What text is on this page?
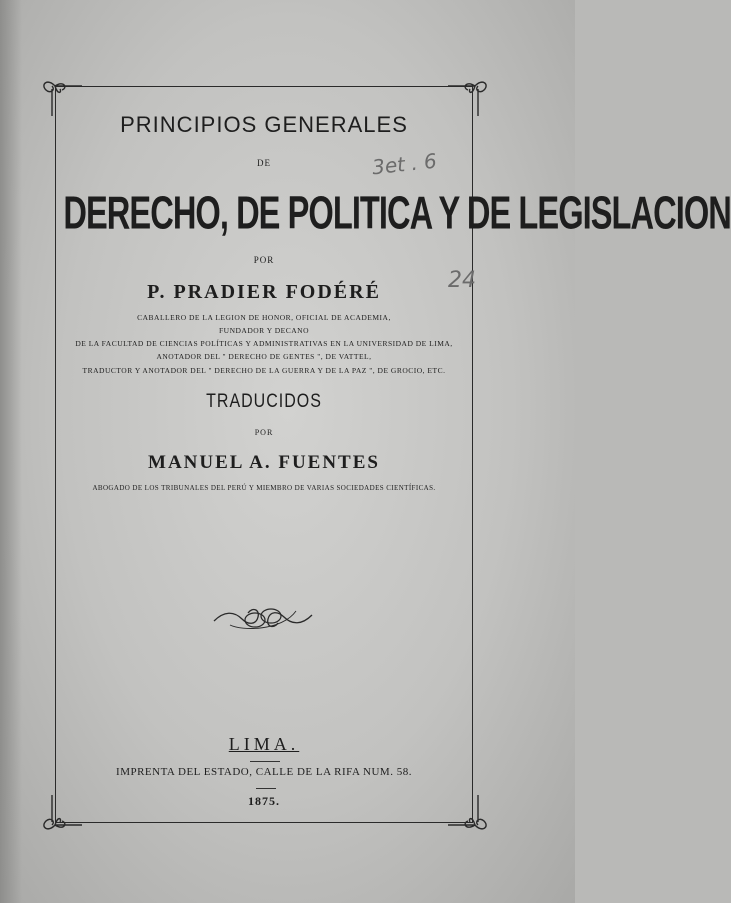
PRINCIPIOS GENERALES
DE
DERECHO, DE POLITICA Y DE LEGISLACION
POR
P. PRADIER FODÉRÉ
CABALLERO DE LA LEGION DE HONOR, OFICIAL DE ACADEMIA,
FUNDADOR Y DECANO
DE LA FACULTAD DE CIENCIAS POLÍTICAS Y ADMINISTRATIVAS EN LA UNIVERSIDAD DE LIMA,
ANOTADOR DEL " DERECHO DE GENTES ", DE VATTEL,
TRADUCTOR Y ANOTADOR DEL " DERECHO DE LA GUERRA Y DE LA PAZ ", DE GROCIO, ETC.
TRADUCIDOS
POR
MANUEL A. FUENTES
ABOGADO DE LOS TRIBUNALES DEL PERÚ Y MIEMBRO DE VARIAS SOCIEDADES CIENTÍFICAS.
LIMA.
IMPRENTA DEL ESTADO, CALLE DE LA RIFA NUM. 58.
1875.
3et . 6
24
